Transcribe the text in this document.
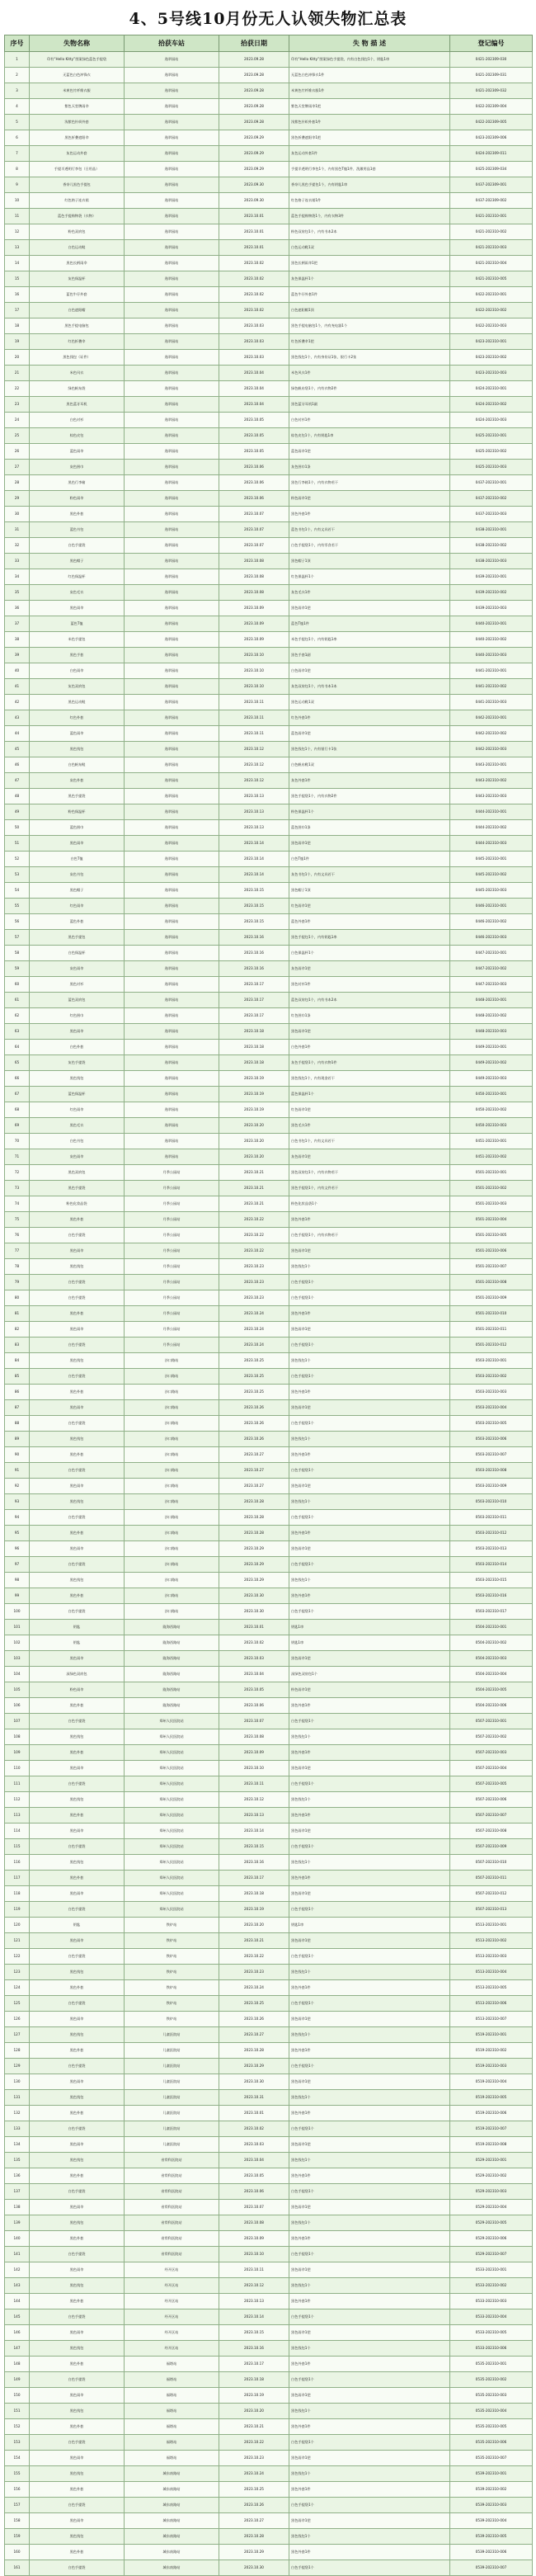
4、5号线10月份无人认领失物汇总表
序号	失物名称	拾获车站	拾获日期	失 物 描 述	登记编号
1	印有“Hello Kitty”图案绿色蓝色手提袋	逸翠园站	2023.09.28	印有“Hello Kitty”图案绿色手提袋，内有白色钱包1个，钥匙1串	0421-202309-030
2	无蓝色白色冲锋衣	逸翠园站	2023.09.28	无蓝色白色冲锋衣1件	0421-202309-031
3	米黄色竹纤维衣服	逸翠园站	2023.09.28	米黄色竹纤维衣服1件	0421-202309-032
4	紫色天堂牌雨伞	逸翠园站	2023.09.28	紫色天堂牌雨伞1把	0422-202309-004
5	浅紫色针织外套	逸翠园站	2023.09.28	浅紫色针织外套1件	0422-202309-005
6	黑色折叠遮阳伞	逸翠园站	2023.09.29	黑色折叠遮阳伞1把	0423-202309-006
7	灰色运动外套	逸翠园站	2023.09.29	灰色运动外套1件	0424-202309-011
8	手提半透明行李包（日用品）	逸翠园站	2023.09.29	手提半透明行李包1个，内有黑色T恤1件、洗漱用品1套	0425-202309-034
9	香奈儿黑色手提包	逸翠园站	2023.09.30	香奈儿黑色手提包1个，内有钥匙1串	0437-202309-001
10	红色格子连衣裙	逸翠园站	2023.09.30	红色格子连衣裙1件	0437-202309-002
11	蓝色手提购物袋（衣物）	逸翠园站	2023.10.01	蓝色手提购物袋1个，内有衣物3件	0421-202310-001
12	粉色双肩包	逸翠园站	2023.10.01	粉色双肩包1个，内有书本2本	0421-202310-002
13	白色运动鞋	逸翠园站	2023.10.01	白色运动鞋1双	0421-202310-003
14	黑色长柄雨伞	逸翠园站	2023.10.02	黑色长柄雨伞1把	0421-202310-004
15	灰色保温杯	逸翠园站	2023.10.02	灰色保温杯1个	0421-202310-005
16	蓝色牛仔外套	逸翠园站	2023.10.02	蓝色牛仔外套1件	0422-202310-001
17	白色遮阳帽	逸翠园站	2023.10.02	白色遮阳帽1顶	0422-202310-002
18	黑色手提电脑包	逸翠园站	2023.10.03	黑色手提电脑包1个，内有充电器1个	0422-202310-003
19	红色折叠伞	逸翠园站	2023.10.03	红色折叠伞1把	0423-202310-001
20	黑色钱包（证件）	逸翠园站	2023.10.03	黑色钱包1个，内有身份证1张、银行卡2张	0423-202310-002
21	米色风衣	逸翠园站	2023.10.04	米色风衣1件	0423-202310-003
22	绿色帆布袋	逸翠园站	2023.10.04	绿色帆布袋1个，内有衣物2件	0424-202310-001
23	黑色蓝牙耳机	逸翠园站	2023.10.04	黑色蓝牙耳机1副	0424-202310-002
24	白色衬衫	逸翠园站	2023.10.05	白色衬衫1件	0424-202310-003
25	棕色皮包	逸翠园站	2023.10.05	棕色皮包1个，内有钥匙1串	0425-202310-001
26	蓝色雨伞	逸翠园站	2023.10.05	蓝色雨伞1把	0425-202310-002
27	灰色围巾	逸翠园站	2023.10.06	灰色围巾1条	0425-202310-003
28	黑色行李箱	逸翠园站	2023.10.06	黑色行李箱1个，内有衣物若干	0437-202310-001
29	粉色雨伞	逸翠园站	2023.10.06	粉色雨伞1把	0437-202310-002
30	黑色外套	逸翠园站	2023.10.07	黑色外套1件	0437-202310-003
31	蓝色书包	逸翠园站	2023.10.07	蓝色书包1个，内有文具若干	0438-202310-001
32	白色手提袋	逸翠园站	2023.10.07	白色手提袋1个，内有零食若干	0438-202310-002
33	黑色帽子	逸翠园站	2023.10.08	黑色帽子1顶	0438-202310-003
34	红色保温杯	逸翠园站	2023.10.08	红色保温杯1个	0439-202310-001
35	灰色毛衣	逸翠园站	2023.10.08	灰色毛衣1件	0439-202310-002
36	黑色雨伞	逸翠园站	2023.10.09	黑色雨伞1把	0439-202310-003
37	蓝色T恤	逸翠园站	2023.10.09	蓝色T恤1件	0440-202310-001
38	米色手提包	逸翠园站	2023.10.09	米色手提包1个，内有钥匙1串	0440-202310-002
39	黑色手套	逸翠园站	2023.10.10	黑色手套1副	0440-202310-003
40	白色雨伞	逸翠园站	2023.10.10	白色雨伞1把	0441-202310-001
41	灰色双肩包	逸翠园站	2023.10.10	灰色双肩包1个，内有书本1本	0441-202310-002
42	黑色运动鞋	逸翠园站	2023.10.11	黑色运动鞋1双	0441-202310-003
43	红色外套	逸翠园站	2023.10.11	红色外套1件	0442-202310-001
44	蓝色雨伞	逸翠园站	2023.10.11	蓝色雨伞1把	0442-202310-002
45	黑色钱包	逸翠园站	2023.10.12	黑色钱包1个，内有银行卡1张	0442-202310-003
46	白色帆布鞋	逸翠园站	2023.10.12	白色帆布鞋1双	0443-202310-001
47	灰色外套	逸翠园站	2023.10.12	灰色外套1件	0443-202310-002
48	黑色手提袋	逸翠园站	2023.10.13	黑色手提袋1个，内有衣物2件	0443-202310-003
49	粉色保温杯	逸翠园站	2023.10.13	粉色保温杯1个	0444-202310-001
50	蓝色围巾	逸翠园站	2023.10.13	蓝色围巾1条	0444-202310-002
51	黑色雨伞	逸翠园站	2023.10.14	黑色雨伞1把	0444-202310-003
52	白色T恤	逸翠园站	2023.10.14	白色T恤1件	0445-202310-001
53	灰色书包	逸翠园站	2023.10.14	灰色书包1个，内有文具若干	0445-202310-002
54	黑色帽子	逸翠园站	2023.10.15	黑色帽子1顶	0445-202310-003
55	红色雨伞	逸翠园站	2023.10.15	红色雨伞1把	0446-202310-001
56	蓝色外套	逸翠园站	2023.10.15	蓝色外套1件	0446-202310-002
57	黑色手提包	逸翠园站	2023.10.16	黑色手提包1个，内有钥匙1串	0446-202310-003
58	白色保温杯	逸翠园站	2023.10.16	白色保温杯1个	0447-202310-001
59	灰色雨伞	逸翠园站	2023.10.16	灰色雨伞1把	0447-202310-002
60	黑色衬衫	逸翠园站	2023.10.17	黑色衬衫1件	0447-202310-003
61	蓝色双肩包	逸翠园站	2023.10.17	蓝色双肩包1个，内有书本2本	0448-202310-001
62	红色围巾	逸翠园站	2023.10.17	红色围巾1条	0448-202310-002
63	黑色雨伞	逸翠园站	2023.10.18	黑色雨伞1把	0448-202310-003
64	白色外套	逸翠园站	2023.10.18	白色外套1件	0449-202310-001
65	灰色手提袋	逸翠园站	2023.10.18	灰色手提袋1个，内有衣物1件	0449-202310-002
66	黑色钱包	逸翠园站	2023.10.19	黑色钱包1个，内有现金若干	0449-202310-003
67	蓝色保温杯	逸翠园站	2023.10.19	蓝色保温杯1个	0450-202310-001
68	红色雨伞	逸翠园站	2023.10.19	红色雨伞1把	0450-202310-002
69	黑色毛衣	逸翠园站	2023.10.20	黑色毛衣1件	0450-202310-003
70	白色书包	逸翠园站	2023.10.20	白色书包1个，内有文具若干	0451-202310-001
71	灰色雨伞	逸翠园站	2023.10.20	灰色雨伞1把	0451-202310-002
72	黑色双肩包	月季公园站	2023.10.21	黑色双肩包1个，内有衣物若干	0501-202310-001
73	黑色手提袋	月季公园站	2023.10.21	黑色手提袋1个，内有文件若干	0501-202310-002
74	粉色化妆品袋	月季公园站	2023.10.21	粉色化妆品袋1个	0501-202310-003
75	黑色外套	月季公园站	2023.10.22	黑色外套1件	0501-202310-004
76	白色手提袋	月季公园站	2023.10.22	白色手提袋1个，内有衣物若干	0501-202310-005
77	黑色雨伞	月季公园站	2023.10.22	黑色雨伞1把	0501-202310-006
78	黑色钱包	月季公园站	2023.10.23	黑色钱包1个	0501-202310-007
79	白色手提袋	月季公园站	2023.10.23	白色手提袋1个	0501-202310-008
80	白色手提袋	月季公园站	2023.10.23	白色手提袋1个	0501-202310-009
81	黑色外套	月季公园站	2023.10.24	黑色外套1件	0501-202310-010
82	黑色雨伞	月季公园站	2023.10.24	黑色雨伞1把	0501-202310-011
83	白色手提袋	月季公园站	2023.10.24	白色手提袋1个	0501-202310-012
84	黑色钱包	沙口路站	2023.10.25	黑色钱包1个	0503-202310-001
85	白色手提袋	沙口路站	2023.10.25	白色手提袋1个	0503-202310-002
86	黑色外套	沙口路站	2023.10.25	黑色外套1件	0503-202310-003
87	黑色雨伞	沙口路站	2023.10.26	黑色雨伞1把	0503-202310-004
88	白色手提袋	沙口路站	2023.10.26	白色手提袋1个	0503-202310-005
89	黑色钱包	沙口路站	2023.10.26	黑色钱包1个	0503-202310-006
90	黑色外套	沙口路站	2023.10.27	黑色外套1件	0503-202310-007
91	白色手提袋	沙口路站	2023.10.27	白色手提袋1个	0503-202310-008
92	黑色雨伞	沙口路站	2023.10.27	黑色雨伞1把	0503-202310-009
93	黑色钱包	沙口路站	2023.10.28	黑色钱包1个	0503-202310-010
94	白色手提袋	沙口路站	2023.10.28	白色手提袋1个	0503-202310-011
95	黑色外套	沙口路站	2023.10.28	黑色外套1件	0503-202310-012
96	黑色雨伞	沙口路站	2023.10.29	黑色雨伞1把	0503-202310-013
97	白色手提袋	沙口路站	2023.10.29	白色手提袋1个	0503-202310-014
98	黑色钱包	沙口路站	2023.10.29	黑色钱包1个	0503-202310-015
99	黑色外套	沙口路站	2023.10.30	黑色外套1件	0503-202310-016
100	白色手提袋	沙口路站	2023.10.30	白色手提袋1个	0503-202310-017
101	钥匙	陇海西路站	2023.10.01	钥匙1串	0504-202310-001
102	钥匙	陇海西路站	2023.10.02	钥匙1串	0504-202310-002
103	黑色雨伞	陇海西路站	2023.10.03	黑色雨伞1把	0504-202310-003
104	深绿色双肩包	陇海西路站	2023.10.04	深绿色双肩包1个	0504-202310-004
105	粉色雨伞	陇海西路站	2023.10.05	粉色雨伞1把	0504-202310-005
106	黑色外套	陇海西路站	2023.10.06	黑色外套1件	0504-202310-006
107	白色手提袋	郑州人民医院站	2023.10.07	白色手提袋1个	0507-202310-001
108	黑色钱包	郑州人民医院站	2023.10.08	黑色钱包1个	0507-202310-002
109	黑色外套	郑州人民医院站	2023.10.09	黑色外套1件	0507-202310-003
110	黑色雨伞	郑州人民医院站	2023.10.10	黑色雨伞1把	0507-202310-004
111	白色手提袋	郑州人民医院站	2023.10.11	白色手提袋1个	0507-202310-005
112	黑色钱包	郑州人民医院站	2023.10.12	黑色钱包1个	0507-202310-006
113	黑色外套	郑州人民医院站	2023.10.13	黑色外套1件	0507-202310-007
114	黑色雨伞	郑州人民医院站	2023.10.14	黑色雨伞1把	0507-202310-008
115	白色手提袋	郑州人民医院站	2023.10.15	白色手提袋1个	0507-202310-009
116	黑色钱包	郑州人民医院站	2023.10.16	黑色钱包1个	0507-202310-010
117	黑色外套	郑州人民医院站	2023.10.17	黑色外套1件	0507-202310-011
118	黑色雨伞	郑州人民医院站	2023.10.18	黑色雨伞1把	0507-202310-012
119	白色手提袋	郑州人民医院站	2023.10.19	白色手提袋1个	0507-202310-013
120	钥匙	铁炉站	2023.10.20	钥匙1串	0513-202310-001
121	黑色雨伞	铁炉站	2023.10.21	黑色雨伞1把	0513-202310-002
122	白色手提袋	铁炉站	2023.10.22	白色手提袋1个	0513-202310-003
123	黑色钱包	铁炉站	2023.10.23	黑色钱包1个	0513-202310-004
124	黑色外套	铁炉站	2023.10.24	黑色外套1件	0513-202310-005
125	白色手提袋	铁炉站	2023.10.25	白色手提袋1个	0513-202310-006
126	黑色雨伞	铁炉站	2023.10.26	黑色雨伞1把	0513-202310-007
127	黑色钱包	儿童医院站	2023.10.27	黑色钱包1个	0519-202310-001
128	黑色外套	儿童医院站	2023.10.28	黑色外套1件	0519-202310-002
129	白色手提袋	儿童医院站	2023.10.29	白色手提袋1个	0519-202310-003
130	黑色雨伞	儿童医院站	2023.10.30	黑色雨伞1把	0519-202310-004
131	黑色钱包	儿童医院站	2023.10.31	黑色钱包1个	0519-202310-005
132	黑色外套	儿童医院站	2023.10.01	黑色外套1件	0519-202310-006
133	白色手提袋	儿童医院站	2023.10.02	白色手提袋1个	0519-202310-007
134	黑色雨伞	儿童医院站	2023.10.03	黑色雨伞1把	0519-202310-008
135	黑色钱包	省骨科医院站	2023.10.04	黑色钱包1个	0529-202310-001
136	黑色外套	省骨科医院站	2023.10.05	黑色外套1件	0529-202310-002
137	白色手提袋	省骨科医院站	2023.10.06	白色手提袋1个	0529-202310-003
138	黑色雨伞	省骨科医院站	2023.10.07	黑色雨伞1把	0529-202310-004
139	黑色钱包	省骨科医院站	2023.10.08	黑色钱包1个	0529-202310-005
140	黑色外套	省骨科医院站	2023.10.09	黑色外套1件	0529-202310-006
141	白色手提袋	省骨科医院站	2023.10.10	白色手提袋1个	0529-202310-007
142	黑色雨伞	经开区站	2023.10.11	黑色雨伞1把	0533-202310-001
143	黑色钱包	经开区站	2023.10.12	黑色钱包1个	0533-202310-002
144	黑色外套	经开区站	2023.10.13	黑色外套1件	0533-202310-003
145	白色手提袋	经开区站	2023.10.14	白色手提袋1个	0533-202310-004
146	黑色雨伞	经开区站	2023.10.15	黑色雨伞1把	0533-202310-005
147	黑色钱包	经开区站	2023.10.16	黑色钱包1个	0533-202310-006
148	黑色外套	福塔站	2023.10.17	黑色外套1件	0535-202310-001
149	白色手提袋	福塔站	2023.10.18	白色手提袋1个	0535-202310-002
150	黑色雨伞	福塔站	2023.10.19	黑色雨伞1把	0535-202310-003
151	黑色钱包	福塔站	2023.10.20	黑色钱包1个	0535-202310-004
152	黑色外套	福塔站	2023.10.21	黑色外套1件	0535-202310-005
153	白色手提袋	福塔站	2023.10.22	白色手提袋1个	0535-202310-006
154	黑色雨伞	福塔站	2023.10.23	黑色雨伞1把	0535-202310-007
155	黑色钱包	城东南路站	2023.10.24	黑色钱包1个	0539-202310-001
156	黑色外套	城东南路站	2023.10.25	黑色外套1件	0539-202310-002
157	白色手提袋	城东南路站	2023.10.26	白色手提袋1个	0539-202310-003
158	黑色雨伞	城东南路站	2023.10.27	黑色雨伞1把	0539-202310-004
159	黑色钱包	城东南路站	2023.10.28	黑色钱包1个	0539-202310-005
160	黑色外套	城东南路站	2023.10.29	黑色外套1件	0539-202310-006
161	白色手提袋	城东南路站	2023.10.30	白色手提袋1个	0539-202310-007
